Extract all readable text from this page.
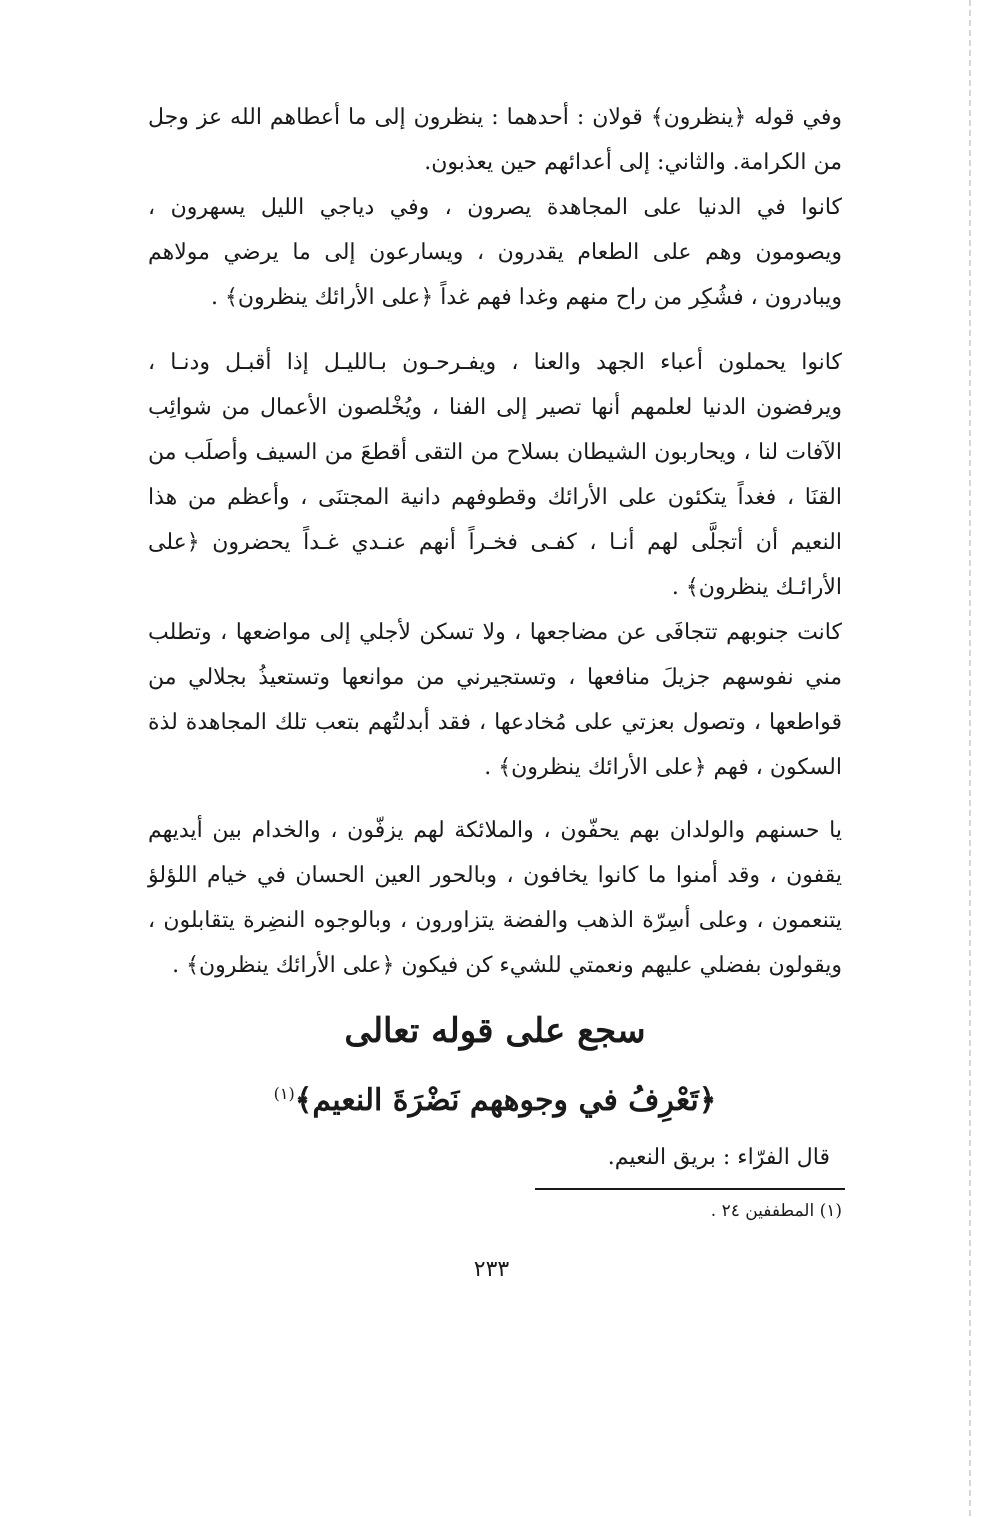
وفي قوله ﴿ينظرون﴾ قولان : أحدهما : ينظرون إلى ما أعطاهم الله عز وجل من الكرامة. والثاني: إلى أعدائهم حين يعذبون.

كانوا في الدنيا على المجاهدة يصرون ، وفي دياجي الليل يسهرون ، ويصومون وهم على الطعام يقدرون ، ويسارعون إلى ما يرضي مولاهم ويبادرون ، فشُكِر من راح منهم وغدا فهم غداً ﴿على الأرائك ينظرون﴾ .

كانوا يحملون أعباء الجهد والعنا ، ويفـرحـون بـالليـل إذا أقبـل ودنـا ، ويرفضون الدنيا لعلمهم أنها تصير إلى الفنا ، ويُخْلصون الأعمال من شوائِب الآفات لنا ، ويحاربون الشيطان بسلاح من التقى أقطعَ من السيف وأصلَب من القنَا ، فغداً يتكئون على الأرائك وقطوفهم دانية المجتنَى ، وأعظم من هذا النعيم أن أتجلَّى لهم أنـا ، كفـى فخـراً أنهم عنـدي غـداً يحضرون ﴿على الأرائـك ينظرون﴾ .

كانت جنوبهم تتجافَى عن مضاجعها ، ولا تسكن لأجلي إلى مواضعها ، وتطلب مني نفوسهم جزيلَ منافعها ، وتستجيرني من موانعها وتستعيذُ بجلالي من قواطعها ، وتصول بعزتي على مُخادعها ، فقد أبدلتُهم بتعب تلك المجاهدة لذة السكون ، فهم ﴿على الأرائك ينظرون﴾ .

يا حسنهم والولدان بهم يحفّون ، والملائكة لهم يزفّون ، والخدام بين أيديهم يقفون ، وقد أمنوا ما كانوا يخافون ، وبالحور العين الحسان في خيام اللؤلؤ يتنعمون ، وعلى أسِرّة الذهب والفضة يتزاورون ، وبالوجوه النضِرة يتقابلون ، ويقولون بفضلي عليهم ونعمتي للشيء كن فيكون ﴿على الأرائك ينظرون﴾ .

سجع على قوله تعالى
﴿تَعْرِفُ في وجوههم نَضْرَةَ النعيم﴾$^{(١)}$
قال الفرّاء : بريق النعيم.
(١) المطففين ٢٤ .
٢٣٣
